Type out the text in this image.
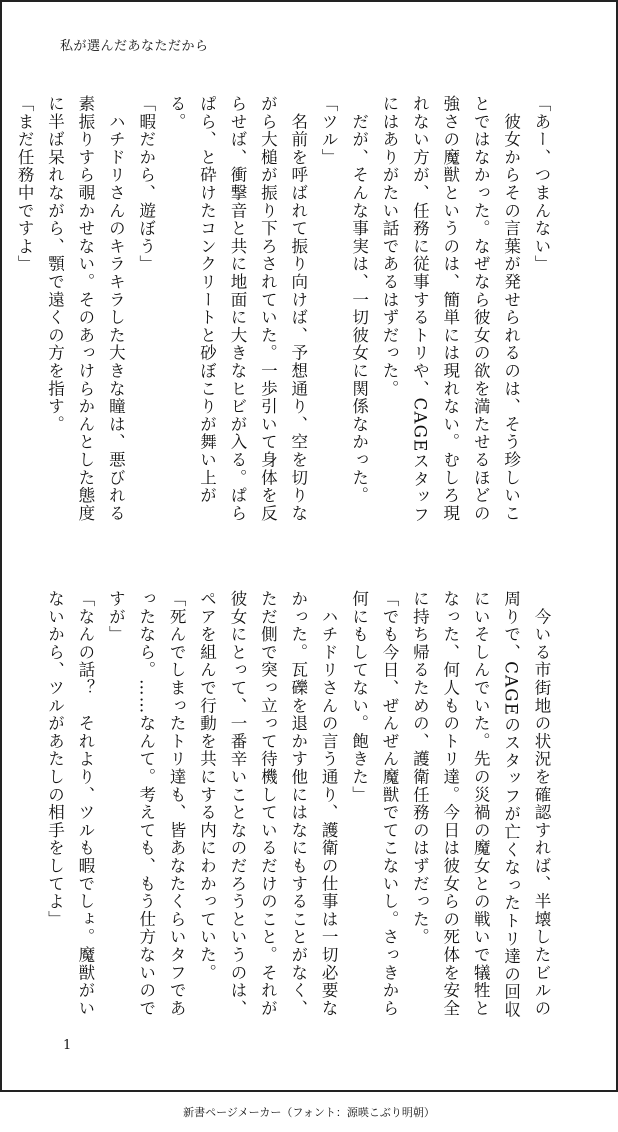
私が選んだあなただから

「あー、つまんない」

　彼女からその言葉が発せられるのは、そう珍しいことではなかった。なぜなら彼女の欲を満たせるほどの強さの魔獣というのは、簡単には現れない。むしろ現れない方が、任務に従事するトリや、CAGEスタッフにはありがたい話であるはずだった。

　だが、そんな事実は、一切彼女に関係なかった。

「ツル」

　名前を呼ばれて振り向けば、予想通り、空を切りながら大槌が振り下ろされていた。一歩引いて身体を反らせば、衝撃音と共に地面に大きなヒビが入る。ぱらぱら、と砕けたコンクリートと砂ぼこりが舞い上がる。

「暇だから、遊ぼう」

　ハチドリさんのキラキラした大きな瞳は、悪びれる素振りすら覗かせない。そのあっけらかんとした態度に半ば呆れながら、顎で遠くの方を指す。

「まだ任務中ですよ」

　今いる市街地の状況を確認すれば、半壊したビルの周りで、CAGEのスタッフが亡くなったトリ達の回収にいそしんでいた。先の災禍の魔女との戦いで犠牲となった、何人ものトリ達。今日は彼女らの死体を安全に持ち帰るための、護衛任務のはずだった。

「でも今日、ぜんぜん魔獣でてこないし。さっきから何にもしてない。飽きた」

　ハチドリさんの言う通り、護衛の仕事は一切必要なかった。瓦礫を退かす他にはなにもすることがなく、ただ側で突っ立って待機しているだけのこと。それが彼女にとって、一番辛いことなのだろうというのは、ペアを組んで行動を共にする内にわかっていた。

「死んでしまったトリ達も、皆あなたくらいタフであったなら。……なんて。考えても、もう仕方ないのですが」

「なんの話？　それより、ツルも暇でしょ。魔獣がいないから、ツルがあたしの相手をしてよ」

1
新書ページメーカー（フォント：源暎こぶり明朝）
